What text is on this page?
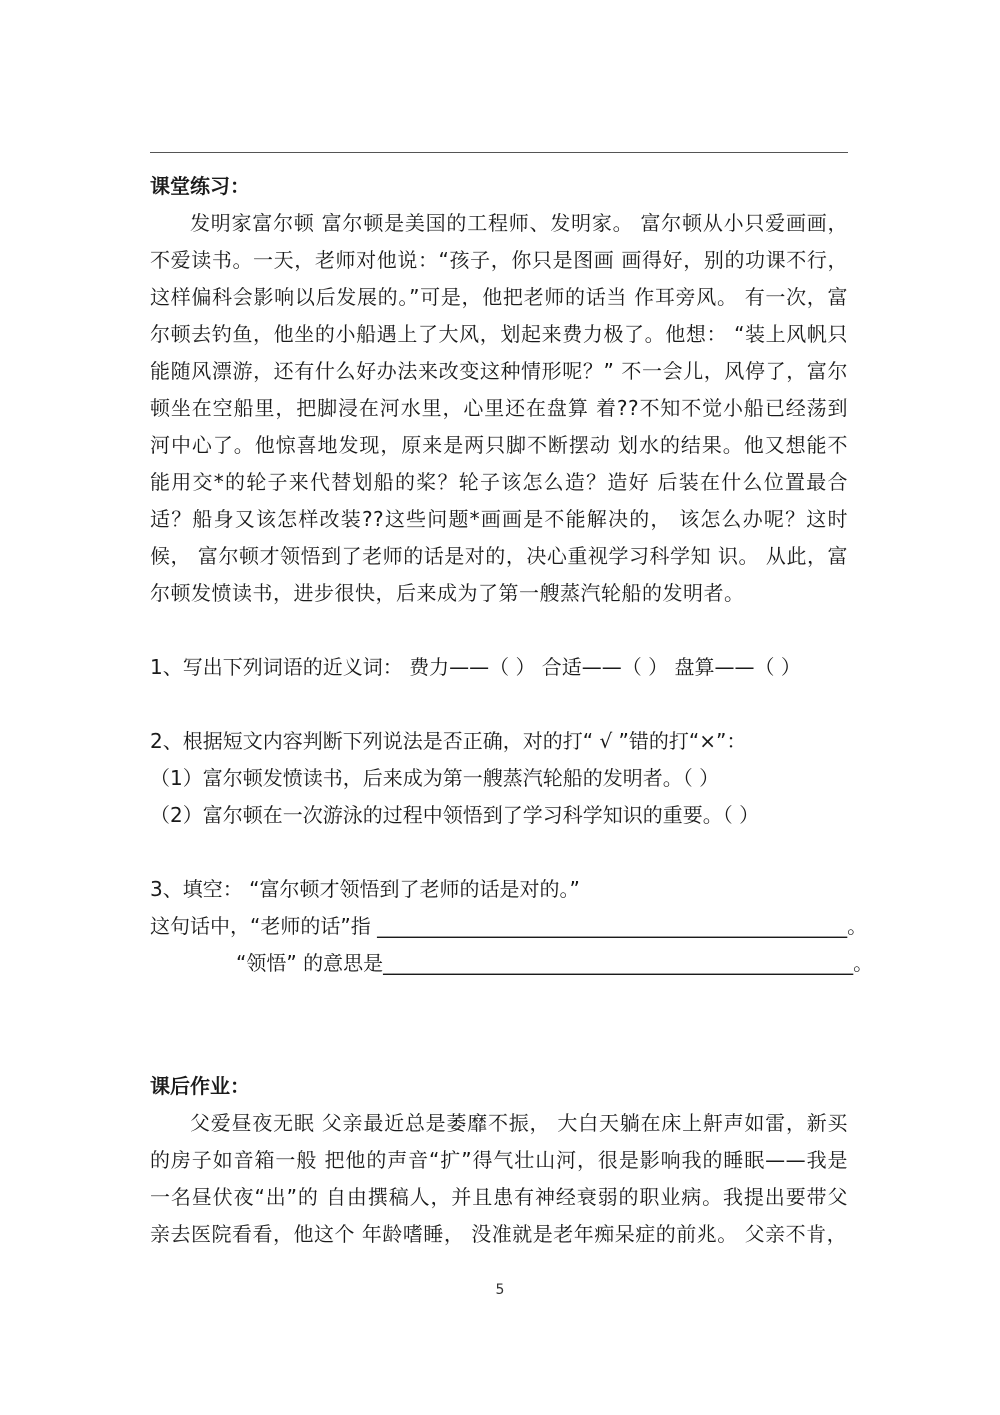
课堂练习：

发明家富尔顿 富尔顿是美国的工程师、发明家。 富尔顿从小只爱画画，不爱读书。一天，老师对他说：“孩子，你只是图画 画得好，别的功课不行，这样偏科会影响以后发展的。”可是，他把老师的话当 作耳旁风。 有一次，富尔顿去钓鱼，他坐的小船遇上了大风，划起来费力极了。他想： “装上风帆只能随风漂游，还有什么好办法来改变这种情形呢？” 不一会儿，风停了，富尔顿坐在空船里，把脚浸在河水里，心里还在盘算 着??不知不觉小船已经荡到河中心了。他惊喜地发现，原来是两只脚不断摆动 划水的结果。他又想能不能用交*的轮子来代替划船的桨？轮子该怎么造？造好 后装在什么位置最合适？船身又该怎样改装??这些问题*画画是不能解决的， 该怎么办呢？这时候， 富尔顿才领悟到了老师的话是对的，决心重视学习科学知 识。 从此，富尔顿发愤读书，进步很快，后来成为了第一艘蒸汽轮船的发明者。

1、写出下列词语的近义词： 费力——（ ） 合适——（ ） 盘算——（ ）

2、根据短文内容判断下列说法是否正确，对的打“ √ ”错的打“×”：

（1）富尔顿发愤读书，后来成为第一艘蒸汽轮船的发明者。（ ）

（2）富尔顿在一次游泳的过程中领悟到了学习科学知识的重要。（ ）

3、填空： “富尔顿才领悟到了老师的话是对的。”

这句话中，“老师的话”指 _______________________________________________。

“领悟” 的意思是_______________________________________________。

课后作业：

父爱昼夜无眠 父亲最近总是萎靡不振， 大白天躺在床上鼾声如雷，新买的房子如音箱一般 把他的声音“扩”得气壮山河，很是影响我的睡眠——我是一名昼伏夜“出”的 自由撰稿人，并且患有神经衰弱的职业病。我提出要带父亲去医院看看，他这个 年龄嗜睡， 没准就是老年痴呆症的前兆。 父亲不肯，

5
